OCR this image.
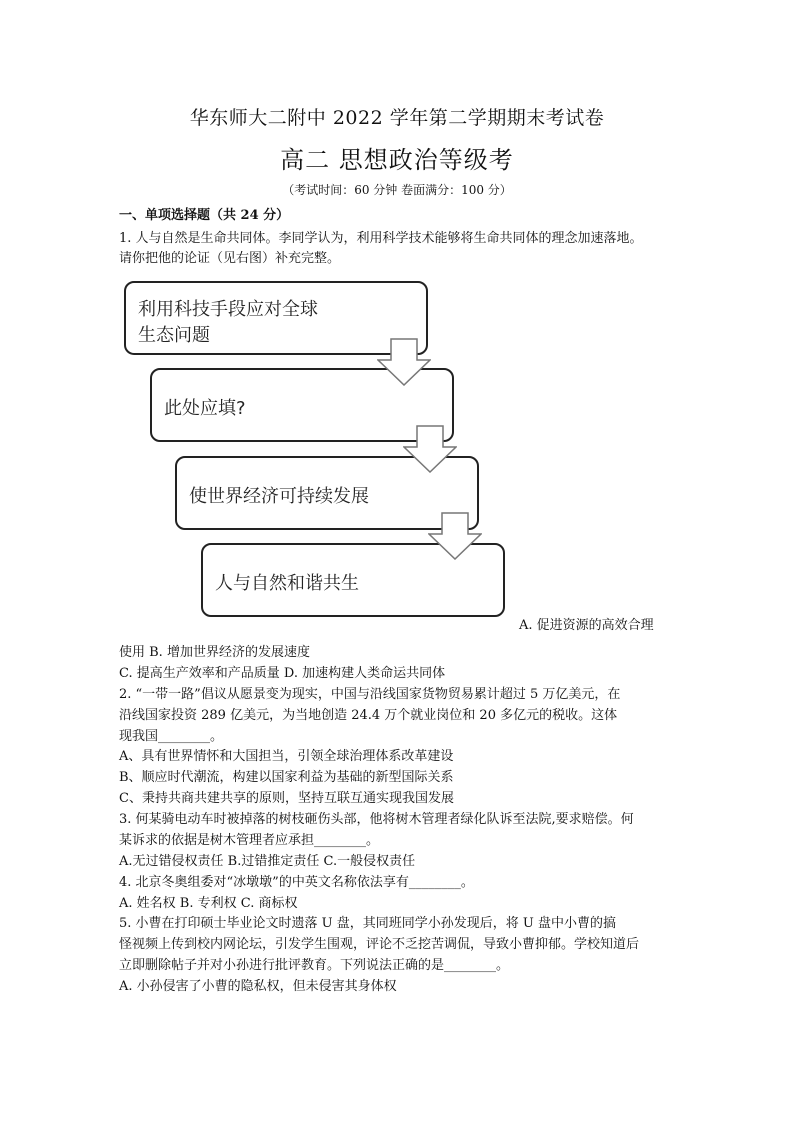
华东师大二附中 2022 学年第二学期期末考试卷
高二 思想政治等级考
（考试时间：60 分钟 卷面满分：100 分）
一、单项选择题（共 24 分）
1. 人与自然是生命共同体。李同学认为，利用科学技术能够将生命共同体的理念加速落地。
请你把他的论证（见右图）补充完整。
利用科技手段应对全球
生态问题
此处应填?
使世界经济可持续发展
人与自然和谐共生
A. 促进资源的高效合理
使用 B. 增加世界经济的发展速度
C. 提高生产效率和产品质量 D. 加速构建人类命运共同体
2. “一带一路”倡议从愿景变为现实，中国与沿线国家货物贸易累计超过 5 万亿美元，在
沿线国家投资 289 亿美元，为当地创造 24.4 万个就业岗位和 20 多亿元的税收。这体
现我国________。
A、具有世界情怀和大国担当，引领全球治理体系改革建设
B、顺应时代潮流，构建以国家利益为基础的新型国际关系
C、秉持共商共建共享的原则，坚持互联互通实现我国发展
3. 何某骑电动车时被掉落的树枝砸伤头部，他将树木管理者绿化队诉至法院,要求赔偿。何
某诉求的依据是树木管理者应承担________。
A.无过错侵权责任 B.过错推定责任 C.一般侵权责任
4. 北京冬奥组委对“冰墩墩”的中英文名称依法享有________。
A. 姓名权 B. 专利权 C. 商标权
5. 小曹在打印硕士毕业论文时遗落 U 盘，其同班同学小孙发现后，将 U 盘中小曹的搞
怪视频上传到校内网论坛，引发学生围观，评论不乏挖苦调侃，导致小曹抑郁。学校知道后
立即删除帖子并对小孙进行批评教育。下列说法正确的是________。
A. 小孙侵害了小曹的隐私权，但未侵害其身体权
